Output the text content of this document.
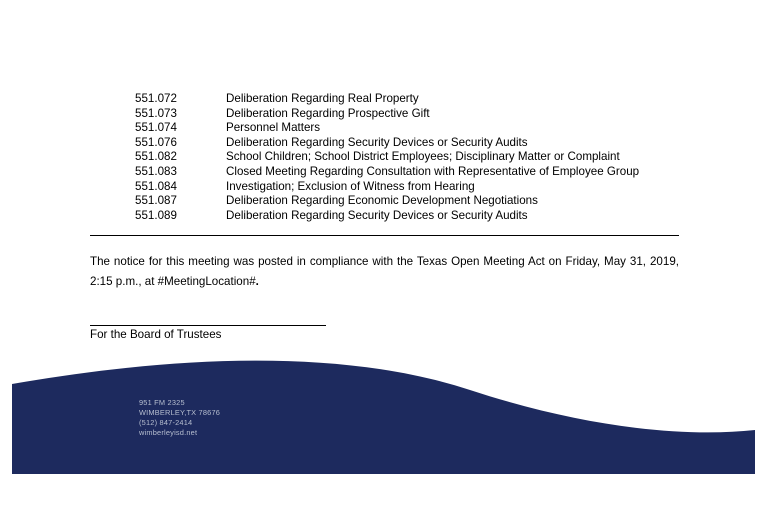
551.072	Deliberation Regarding Real Property
551.073	Deliberation Regarding Prospective Gift
551.074	Personnel Matters
551.076	Deliberation Regarding Security Devices or Security Audits
551.082	School Children; School District Employees; Disciplinary Matter or Complaint
551.083	Closed Meeting Regarding Consultation with Representative of Employee Group
551.084	Investigation; Exclusion of Witness from Hearing
551.087	Deliberation Regarding Economic Development Negotiations
551.089	Deliberation Regarding Security Devices or Security Audits
The notice for this meeting was posted in compliance with the Texas Open Meeting Act on Friday, May 31, 2019, 2:15 p.m., at #MeetingLocation#.
For the Board of Trustees
951 FM 2325
WIMBERLEY,TX 78676
(512) 847-2414
wimberleyisd.net
